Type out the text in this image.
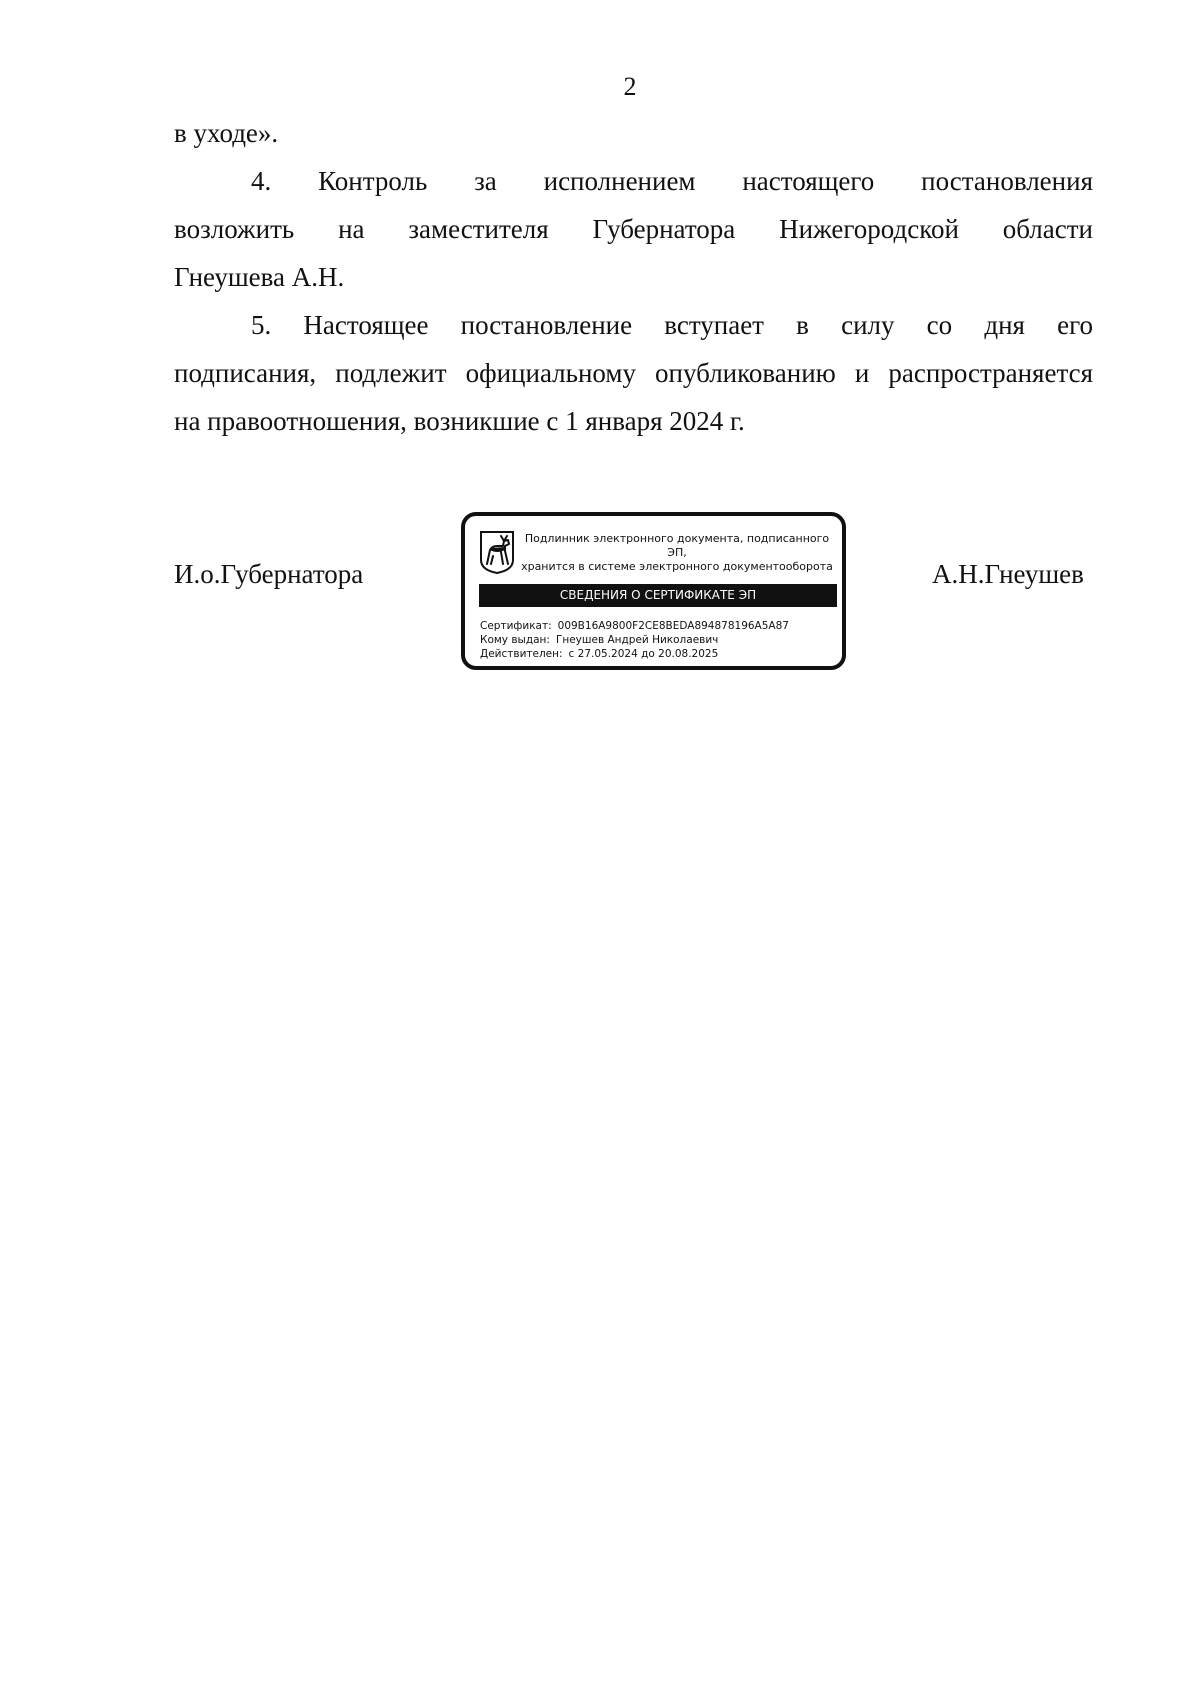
2
в уходе».
4. Контроль за исполнением настоящего постановления
возложить на заместителя Губернатора Нижегородской области
Гнеушева А.Н.
5. Настоящее постановление вступает в силу со дня его
подписания, подлежит официальному опубликованию и распространяется
на правоотношения, возникшие с 1 января 2024 г.
И.о.Губернатора	А.Н.Гнеушев
Подлинник электронного документа, подписанного ЭП,
хранится в системе электронного документооборота
СВЕДЕНИЯ О СЕРТИФИКАТЕ ЭП
Сертификат: 009B16A9800F2CE8BEDA894878196A5A87
Кому выдан: Гнеушев Андрей Николаевич
Действителен: с 27.05.2024 до 20.08.2025
